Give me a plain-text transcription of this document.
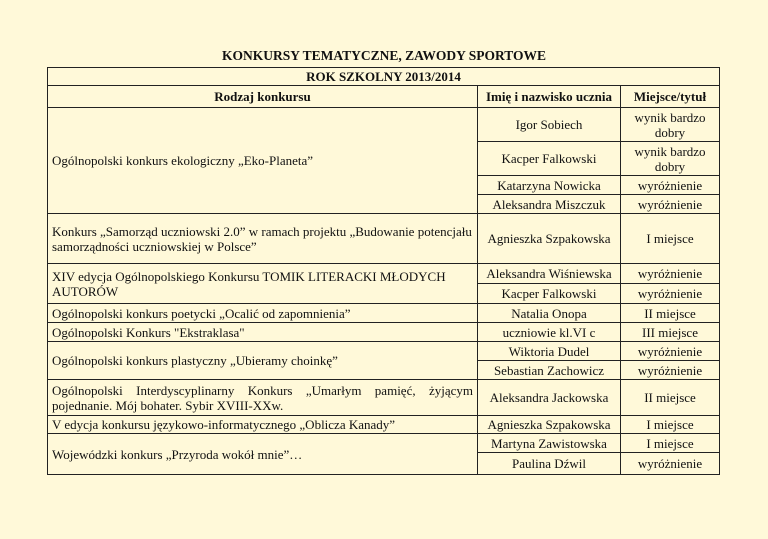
KONKURSY TEMATYCZNE, ZAWODY SPORTOWE
ROK SZKOLNY 2013/2014		
Rodzaj konkursu	Imię i nazwisko ucznia	Miejsce/tytuł
Ogólnopolski konkurs ekologiczny „Eko-Planeta”	Igor Sobiech	wynik bardzo dobry
	Kacper Falkowski	wynik bardzo dobry
	Katarzyna Nowicka	wyróżnienie
	Aleksandra Miszczuk	wyróżnienie
Konkurs „Samorząd uczniowski 2.0” w ramach projektu „Budowanie potencjału samorządności uczniowskiej w Polsce”	Agnieszka Szpakowska	I miejsce
XIV edycja Ogólnopolskiego Konkursu TOMIK LITERACKI MŁODYCH AUTORÓW	Aleksandra Wiśniewska	wyróżnienie
	Kacper Falkowski	wyróżnienie
Ogólnopolski konkurs poetycki „Ocalić od zapomnienia”	Natalia Onopa	II miejsce
Ogólnopolski Konkurs "Ekstraklasa"	uczniowie kl.VI c	III miejsce
Ogólnopolski konkurs plastyczny „Ubieramy choinkę”	Wiktoria Dudel	wyróżnienie
	Sebastian Zachowicz	wyróżnienie
Ogólnopolski Interdyscyplinarny Konkurs „Umarłym pamięć, żyjącym pojednanie. Mój bohater. Sybir XVIII-XXw.	Aleksandra Jackowska	II miejsce
V edycja konkursu językowo-informatycznego „Oblicza Kanady”	Agnieszka Szpakowska	I miejsce
Wojewódzki konkurs „Przyroda wokół mnie”…	Martyna Zawistowska	I miejsce
	Paulina Dźwil	wyróżnienie
